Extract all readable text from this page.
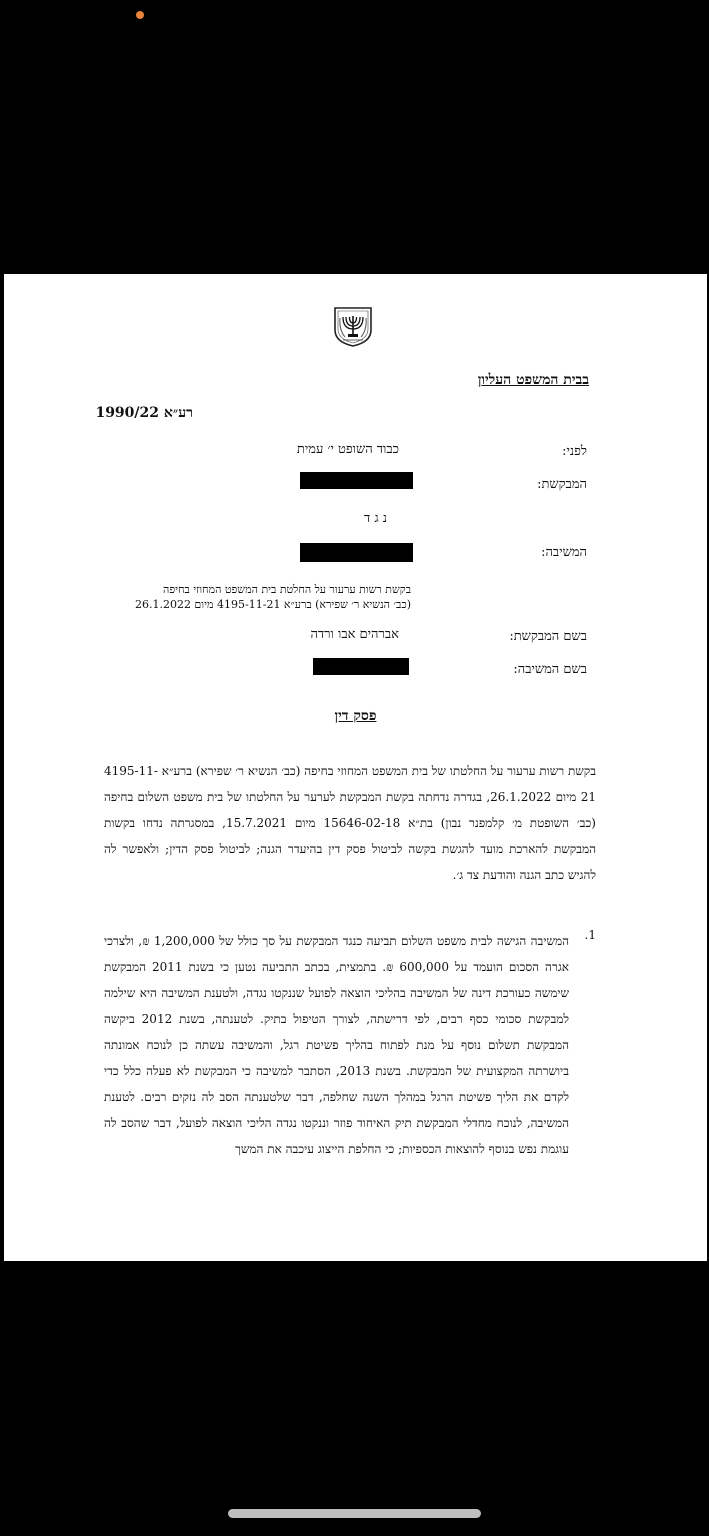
בבית המשפט העליון
רע״א 1990/22
לפני:
כבוד השופט י׳ עמית
המבקשת:
נ ג ד
המשיבה:
בקשת רשות ערעור על החלטת בית המשפט המחוזי בחיפה
(כב׳ הנשיא ר׳ שפירא) ברע״א 4195-11-21 מיום 26.1.2022
בשם המבקשת:
אברהים אבו ורדה
בשם המשיבה:
פסק דין
בקשת רשות ערעור על החלטתו של בית המשפט המחוזי בחיפה (כב׳ הנשיא ר׳ שפירא) ברע״א 4195-11-21 מיום 26.1.2022, בגדרה נדחתה בקשת המבקשת לערער על החלטתו של בית משפט השלום בחיפה (כב׳ השופטת מ׳ קלמפנר נבון) בת״א 15646-02-18 מיום 15.7.2021, במסגרתה נדחו בקשות המבקשת להארכת מועד להגשת בקשה לביטול פסק דין בהיעדר הגנה; לביטול פסק הדין; ולאפשר לה להגיש כתב הגנה והודעת צד ג׳.
1.
המשיבה הגישה לבית משפט השלום תביעה כנגד המבקשת על סך כולל של 1,200,000 ₪, ולצרכי אגרה הסכום הועמד על 600,000 ₪. בתמצית, בכתב התביעה נטען כי בשנת 2011 המבקשת שימשה כעורכת דינה של המשיבה בהליכי הוצאה לפועל שננקטו נגדה, ולטענת המשיבה היא שילמה למבקשת סכומי כסף רבים, לפי דרישתה, לצורך הטיפול בתיק. לטענתה, בשנת 2012 ביקשה המבקשת תשלום נוסף על מנת לפתוח בהליך פשיטת רגל, והמשיבה עשתה כן לנוכח אמונתה ביושרתה המקצועית של המבקשת. בשנת 2013, הסתבר למשיבה כי המבקשת לא פעלה כלל כדי לקדם את הליך פשיטת הרגל במהלך השנה שחלפה, דבר שלטענתה הסב לה נזקים רבים. לטענת המשיבה, לנוכח מחדלי המבקשת תיק האיחוד פוזר וננקטו נגדה הליכי הוצאה לפועל, דבר שהסב לה עוגמת נפש בנוסף להוצאות הכספיות; כי החלפת הייצוג עיכבה את המשך
